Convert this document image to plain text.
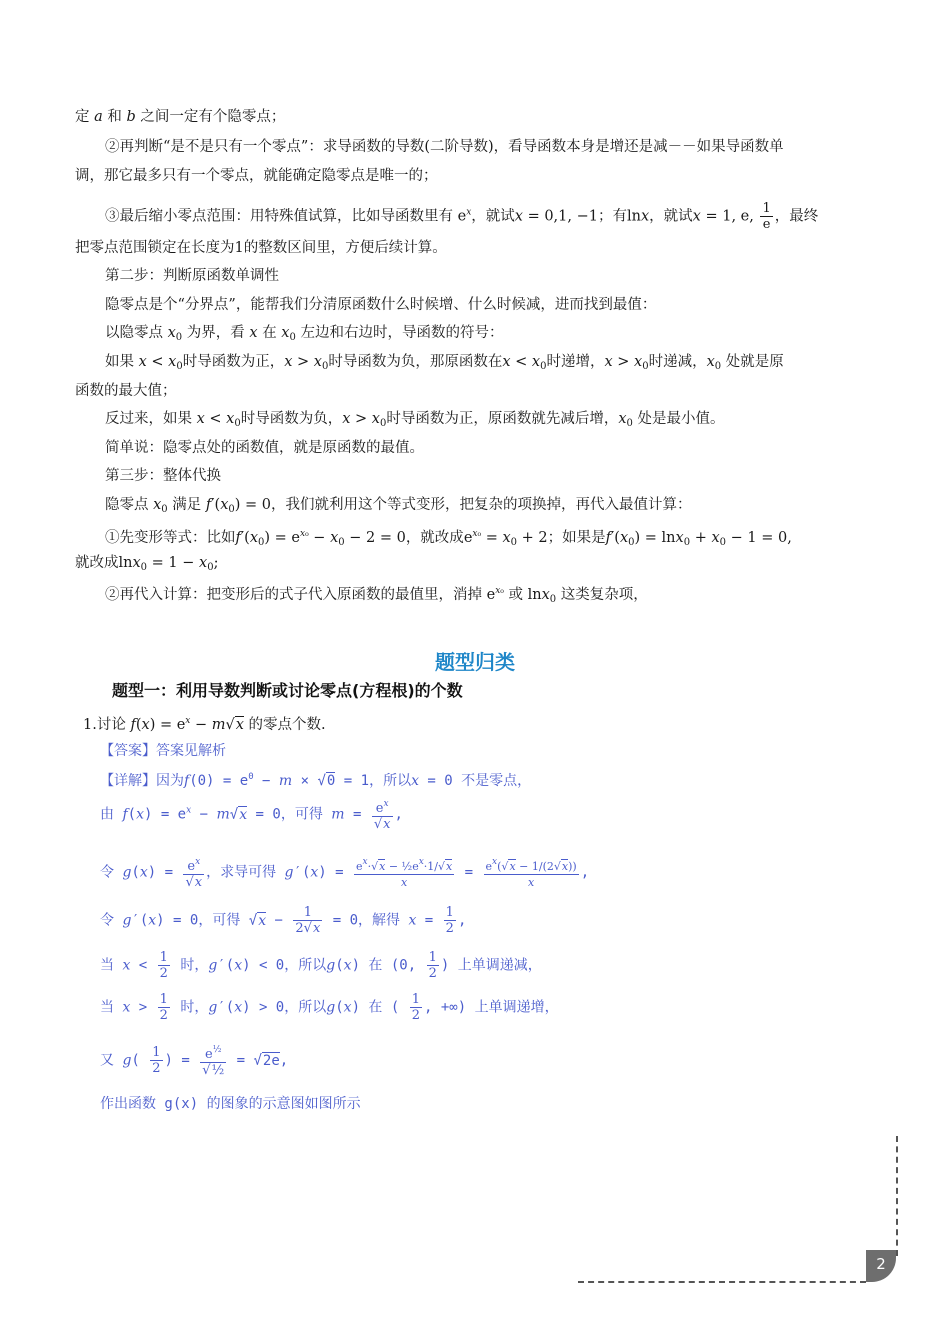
定 a 和 b 之间一定有个隐零点；
②再判断“是不是只有一个零点”：求导函数的导数(二阶导数)，看导函数本身是增还是减－－如果导函数单
调，那它最多只有一个零点，就能确定隐零点是唯一的；
③最后缩小零点范围：用特殊值试算，比如导函数里有 $e^x$，就试x = 0,1, −1；有lnx，就试x = 1, e, $\frac{1}{e}$ ，最终
把零点范围锁定在长度为1的整数区间里，方便后续计算。
第二步：判断原函数单调性
隐零点是个“分界点”，能帮我们分清原函数什么时候增、什么时候减，进而找到最值：
以隐零点 $x_0$ 为界，看 x 在 $x_0$ 左边和右边时，导函数的符号：
如果 $x < x_0$时导函数为正，$x > x_0$时导函数为负，那原函数在$x < x_0$时递增，$x > x_0$时递减，$x_0$ 处就是原
函数的最大值；
反过来，如果 $x < x_0$时导函数为负，$x > x_0$时导函数为正，原函数就先减后增，$x_0$ 处是最小值。
简单说：隐零点处的函数值，就是原函数的最值。
第三步：整体代换
隐零点 $x_0$ 满足 $f'(x_0) = 0$，我们就利用这个等式变形，把复杂的项换掉，再代入最值计算：
①先变形等式：比如$f'(x_0) = e^{x_0} - x_0 - 2 = 0$，就改成$e^{x_0} = x_0 + 2$；如果是$f'(x_0) = \ln x_0 + x_0 - 1 = 0$,
就改成$\ln x_0 = 1 - x_0$;
②再代入计算：把变形后的式子代入原函数的最值里，消掉 $e^{x_0}$ 或 lnx$_0$ 这类复杂项，
题型归类
题型一：利用导数判断或讨论零点(方程根)的个数
1.讨论 $f(x) = e^x - m√x$ 的零点个数.
【答案】答案见解析
【详解】因为$f(0) = e^0 - m \times √0 = 1$，所以x = 0 不是零点，
由 $f(x) = e^x - m√x = 0$，可得 $m = \frac{e^x}{√x}$ ,
令 $g(x) = \frac{e^x}{√x}$ ，求导可得 $g'(x) = \frac{e^x\cdot√x - \frac{1}{2}e^x\cdot 1/√x}{x} = \frac{e^x(√x - 1/(2√x))}{x}$ ,
令 g′(x) = 0，可得 $√x - \frac{1}{2√x} = 0$，解得 $x = \frac{1}{2}$ ,
当 $x < \frac{1}{2}$ 时，g′(x) < 0，所以g(x) 在 (0, $\frac{1}{2}$ ) 上单调递减，
当 $x > \frac{1}{2}$ 时，g′(x) > 0，所以g(x) 在 ( $\frac{1}{2}$ , +∞) 上单调递增，
又 $g( \frac{1}{2}$ ) = $\frac{e^{\frac{1}{2}}}{\text{√½}} = √2e$,
作出函数 g(x) 的图象的示意图如图所示
2
